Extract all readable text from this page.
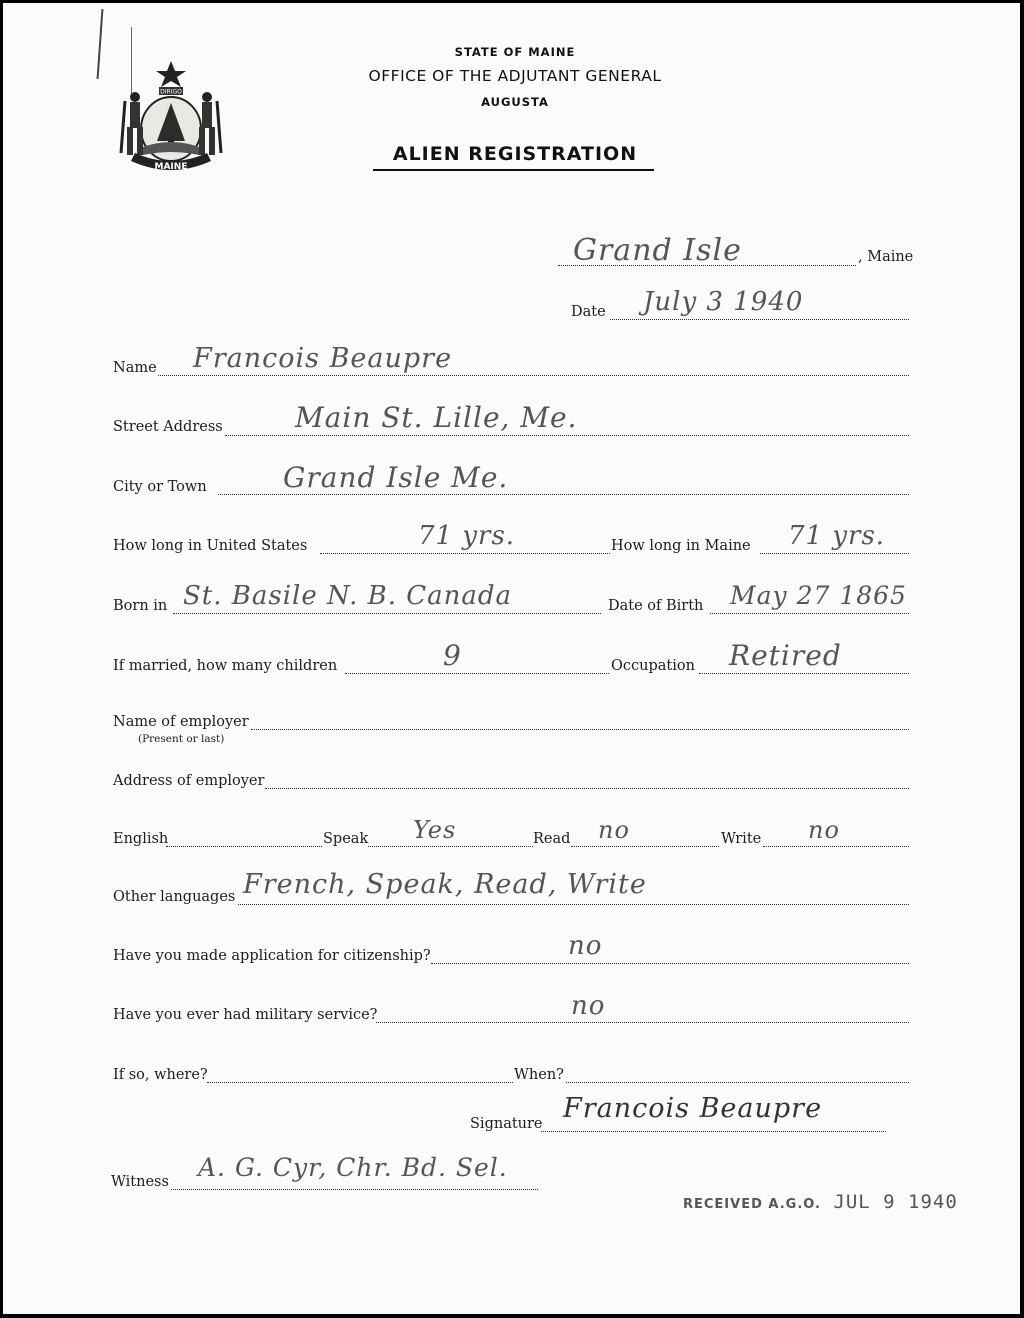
DIRIGO
MAINE
STATE OF MAINE
OFFICE OF THE ADJUTANT GENERAL
AUGUSTA
ALIEN REGISTRATION
Grand Isle	, Maine
Date July 3 1940
Name Francois Beaupre
Street Address	Main St. Lille, Me.
City or Town	Grand Isle Me.
How long in United States	71 yrs.	How long in Maine 71 yrs.
Born in St. Basile N. B. Canada	Date of Birth May 27 1865
If married, how many children	9	Occupation Retired
Name of employer
(Present or last)
Address of employer
English	Speak Yes	Read no	Write no
Other languages French, Speak, Read, Write
Have you made application for citizenship?	no
Have you ever had military service?	no
If so, where?	When?
Signature Francois Beaupre
Witness A. G. Cyr, Chr. Bd. Sel.
RECEIVED A.G.O. JUL 9 1940
